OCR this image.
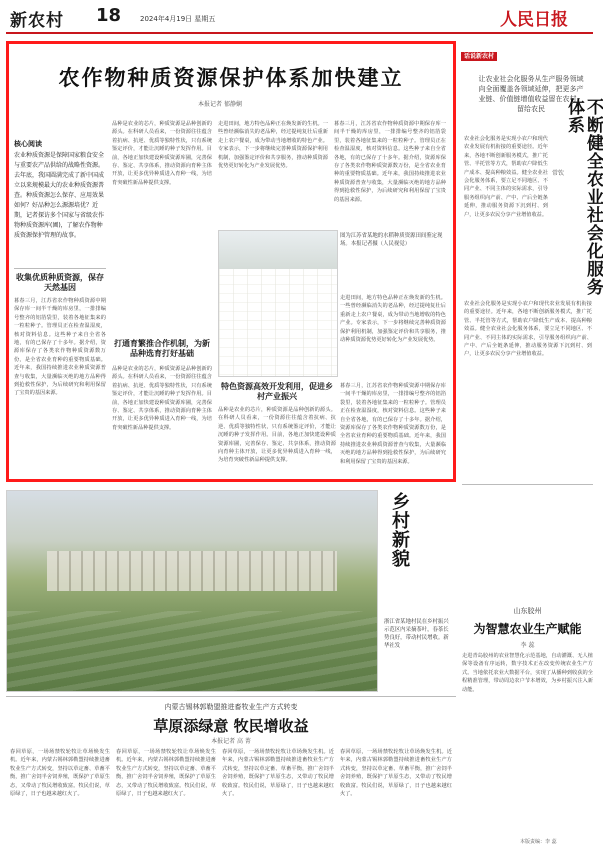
新农村 18	2024年4月19日 星期五	人民日报
农作物种质资源保护体系加快建立
本报记者 郁静娴
核心阅读
农业种质资源是保障国家粮食安全与重要农产品供给的战略性资源。去年底，我国圆满完成了新中国成立以来规模最大的农业种质资源普查。种质资源怎么保存、应用效果如何？好品种怎么源源培优？近期，记者探访多个国家与省级农作物种质资源库(圃)，了解农作物种质资源保护管理的故事。
收集优质种质资源，保存天然基因
暮春三月，江苏省农作物种质资源中期保存库一间半干燥的库房里，一排排编号整齐的铝箔袋里，装着各地征集来的一粒粒种子。管理员正在检查温湿度，核对资料信息。这些种子来自全省各地，有的已保存了十多年。据介绍，资源库保存了各类农作物种质资源数万份，是全省农业育种的重要物质基础。近年来，我国持续推进农业种质资源普查与收集，大量濒临灭绝的地方品种得到抢救性保护，为后续研究和利用保留了宝贵的基因来源。
品种是农业的芯片，种质资源是品种创新的源头。在科研人员看来，一份资源往往蕴含着抗病、抗逆、优质等独特性状，只有系统鉴定评价，才能让沉睡的种子发挥作用。目前，各地正加快建设种质资源库圃，完善保存、鉴定、共享体系，推动资源向育种主体开放，让更多优异种质进入育种一线，为培育突破性新品种提供支撑。
打通育繁推合作机制，为新品种选育打好基础
品种是农业的芯片，种质资源是品种创新的源头。在科研人员看来，一份资源往往蕴含着抗病、抗逆、优质等独特性状，只有系统鉴定评价，才能让沉睡的种子发挥作用。目前，各地正加快建设种质资源库圃，完善保存、鉴定、共享体系，推动资源向育种主体开放，让更多优异种质进入育种一线，为培育突破性新品种提供支撑。
走进田间，地方特色品种正在焕发新的生机。一些曾经濒临消失的老品种，经过提纯复壮后重新走上农户餐桌，成为带动当地增收的特色产业。专家表示，下一步将继续完善种质资源保护利用机制，加强鉴定评价和共享服务，推动种质资源优势更好转化为产业发展优势。
暮春三月，江苏省农作物种质资源中期保存库一间半干燥的库房里，一排排编号整齐的铝箔袋里，装着各地征集来的一粒粒种子。管理员正在检查温湿度，核对资料信息。这些种子来自全省各地，有的已保存了十多年。据介绍，资源库保存了各类农作物种质资源数万份，是全省农业育种的重要物质基础。近年来，我国持续推进农业种质资源普查与收集，大量濒临灭绝的地方品种得到抢救性保护，为后续研究和利用保留了宝贵的基因来源。
图为江苏省某地的水稻种质资源田间鉴定现场。本报记者摄（人民视觉）
走进田间，地方特色品种正在焕发新的生机。一些曾经濒临消失的老品种，经过提纯复壮后重新走上农户餐桌，成为带动当地增收的特色产业。专家表示，下一步将继续完善种质资源保护利用机制，加强鉴定评价和共享服务，推动种质资源优势更好转化为产业发展优势。
特色资源高效开发利用，促进乡村产业振兴
品种是农业的芯片，种质资源是品种创新的源头。在科研人员看来，一份资源往往蕴含着抗病、抗逆、优质等独特性状，只有系统鉴定评价，才能让沉睡的种子发挥作用。目前，各地正加快建设种质资源库圃，完善保存、鉴定、共享体系，推动资源向育种主体开放，让更多优异种质进入育种一线，为培育突破性新品种提供支撑。
暮春三月，江苏省农作物种质资源中期保存库一间半干燥的库房里，一排排编号整齐的铝箔袋里，装着各地征集来的一粒粒种子。管理员正在检查温湿度，核对资料信息。这些种子来自全省各地，有的已保存了十多年。据介绍，资源库保存了各类农作物种质资源数万份，是全省农业育种的重要物质基础。近年来，我国持续推进农业种质资源普查与收集，大量濒临灭绝的地方品种得到抢救性保护，为后续研究和利用保留了宝贵的基因来源。
话说新农村
让农业社会化服务从生产服务领域向全面覆盖各领域延伸，把更多产业链、价值链增值收益留在农村，留给农民	不断健全农业社会化服务体系
常钦
农业社会化服务是实现小农户和现代农业发展有机衔接的重要途径。近年来，各地不断创新服务模式，推广托管、半托管等方式，帮助农户降低生产成本、提高种粮效益。健全农业社会化服务体系，要立足不同地区、不同产业、不同主体的实际需求，引导服务组织向产前、产中、产后全链条延伸，推动服务资源下沉到村、到户，让更多农民分享产业增值收益。
农业社会化服务是实现小农户和现代农业发展有机衔接的重要途径。近年来，各地不断创新服务模式，推广托管、半托管等方式，帮助农户降低生产成本、提高种粮效益。健全农业社会化服务体系，要立足不同地区、不同产业、不同主体的实际需求，引导服务组织向产前、产中、产后全链条延伸，推动服务资源下沉到村、到户，让更多农民分享产业增值收益。
乡村新貌
浙江省某地村民在乡村振兴示范区内采摘茶叶，春茶长势良好，带动村民增收。新华社发
山东胶州
为智慧农业生产赋能
李 蕊
走进青岛胶州的农业智慧化示范基地，自动灌溉、无人植保等设备有序运转，数字技术正在改变传统农业生产方式。当地依托农业大数据平台，实现了从播种到收获的全程精准管理，带动周边农户节本增效，为乡村振兴注入新动能。
内蒙古锡林郭勒盟推进畜牧业生产方式转变
草原添绿意 牧民增收益
本报记者 高 菁
春回草原，一场场禁牧轮牧让草场焕发生机。近年来，内蒙古锡林郭勒盟持续推进畜牧业生产方式转变，坚持以草定畜、草畜平衡，推广舍饲半舍饲养殖，既保护了草原生态，又带动了牧民增收致富。牧民们说，草原绿了，日子也越来越红火了。
春回草原，一场场禁牧轮牧让草场焕发生机。近年来，内蒙古锡林郭勒盟持续推进畜牧业生产方式转变，坚持以草定畜、草畜平衡，推广舍饲半舍饲养殖，既保护了草原生态，又带动了牧民增收致富。牧民们说，草原绿了，日子也越来越红火了。
春回草原，一场场禁牧轮牧让草场焕发生机。近年来，内蒙古锡林郭勒盟持续推进畜牧业生产方式转变，坚持以草定畜、草畜平衡，推广舍饲半舍饲养殖，既保护了草原生态，又带动了牧民增收致富。牧民们说，草原绿了，日子也越来越红火了。
春回草原，一场场禁牧轮牧让草场焕发生机。近年来，内蒙古锡林郭勒盟持续推进畜牧业生产方式转变，坚持以草定畜、草畜平衡，推广舍饲半舍饲养殖，既保护了草原生态，又带动了牧民增收致富。牧民们说，草原绿了，日子也越来越红火了。
本版责编：李 蕊
